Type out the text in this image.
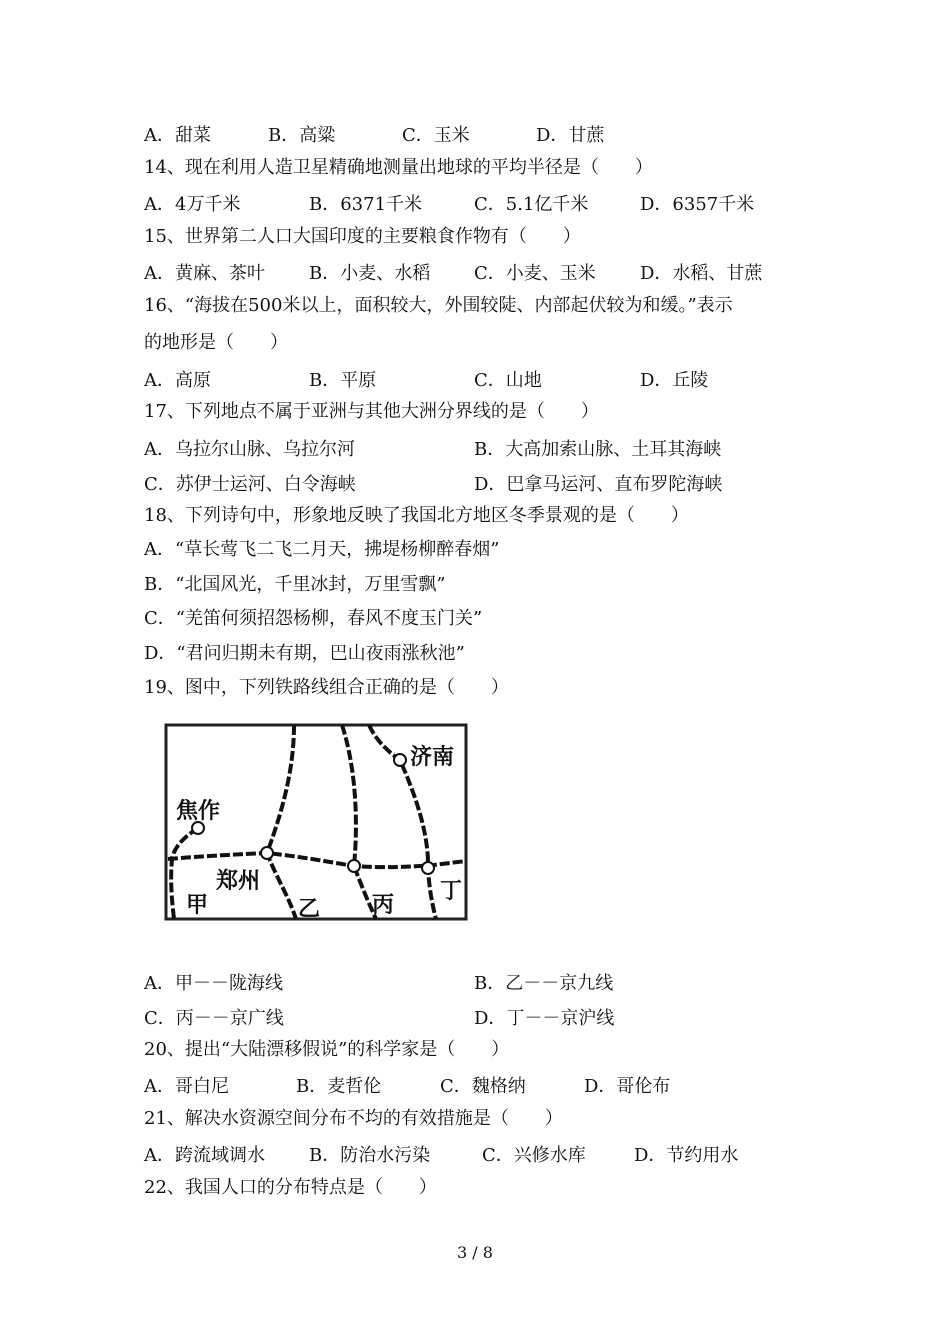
A．甜菜	B．高粱	C．玉米	D．甘蔗
14、现在利用人造卫星精确地测量出地球的平均半径是（　　）
A．4万千米	B．6371千米	C．5.1亿千米	D．6357千米
15、世界第二人口大国印度的主要粮食作物有（　　）
A．黄麻、茶叶 B．小麦、水稻 C．小麦、玉米 D．水稻、甘蔗
16、“海拔在500米以上，面积较大，外围较陡、内部起伏较为和缓。”表示
的地形是（　　）
A．高原	B．平原	C．山地	D．丘陵
17、下列地点不属于亚洲与其他大洲分界线的是（　　）
A．乌拉尔山脉、乌拉尔河	B．大高加索山脉、土耳其海峡
C．苏伊士运河、白令海峡	D．巴拿马运河、直布罗陀海峡
18、下列诗句中，形象地反映了我国北方地区冬季景观的是（　　）
A．“草长莺飞二飞二月天，拂堤杨柳醉春烟”
B．“北国风光，千里冰封，万里雪飘”
C．“羌笛何须招怨杨柳，春风不度玉门关”
D．“君问归期未有期，巴山夜雨涨秋池”
19、图中，下列铁路线组合正确的是（　　）
济南
焦作
郑州
甲	乙 丙
丁
A．甲－－陇海线	B．乙－－京九线
C．丙－－京广线	D．丁－－京沪线
20、提出“大陆漂移假说”的科学家是（　　）
A．哥白尼	B．麦哲伦	C．魏格纳	D．哥伦布
21、解决水资源空间分布不均的有效措施是（　　）
A．跨流域调水 B．防治水污染	C．兴修水库	D．节约用水
22、我国人口的分布特点是（　　）
3 / 8
